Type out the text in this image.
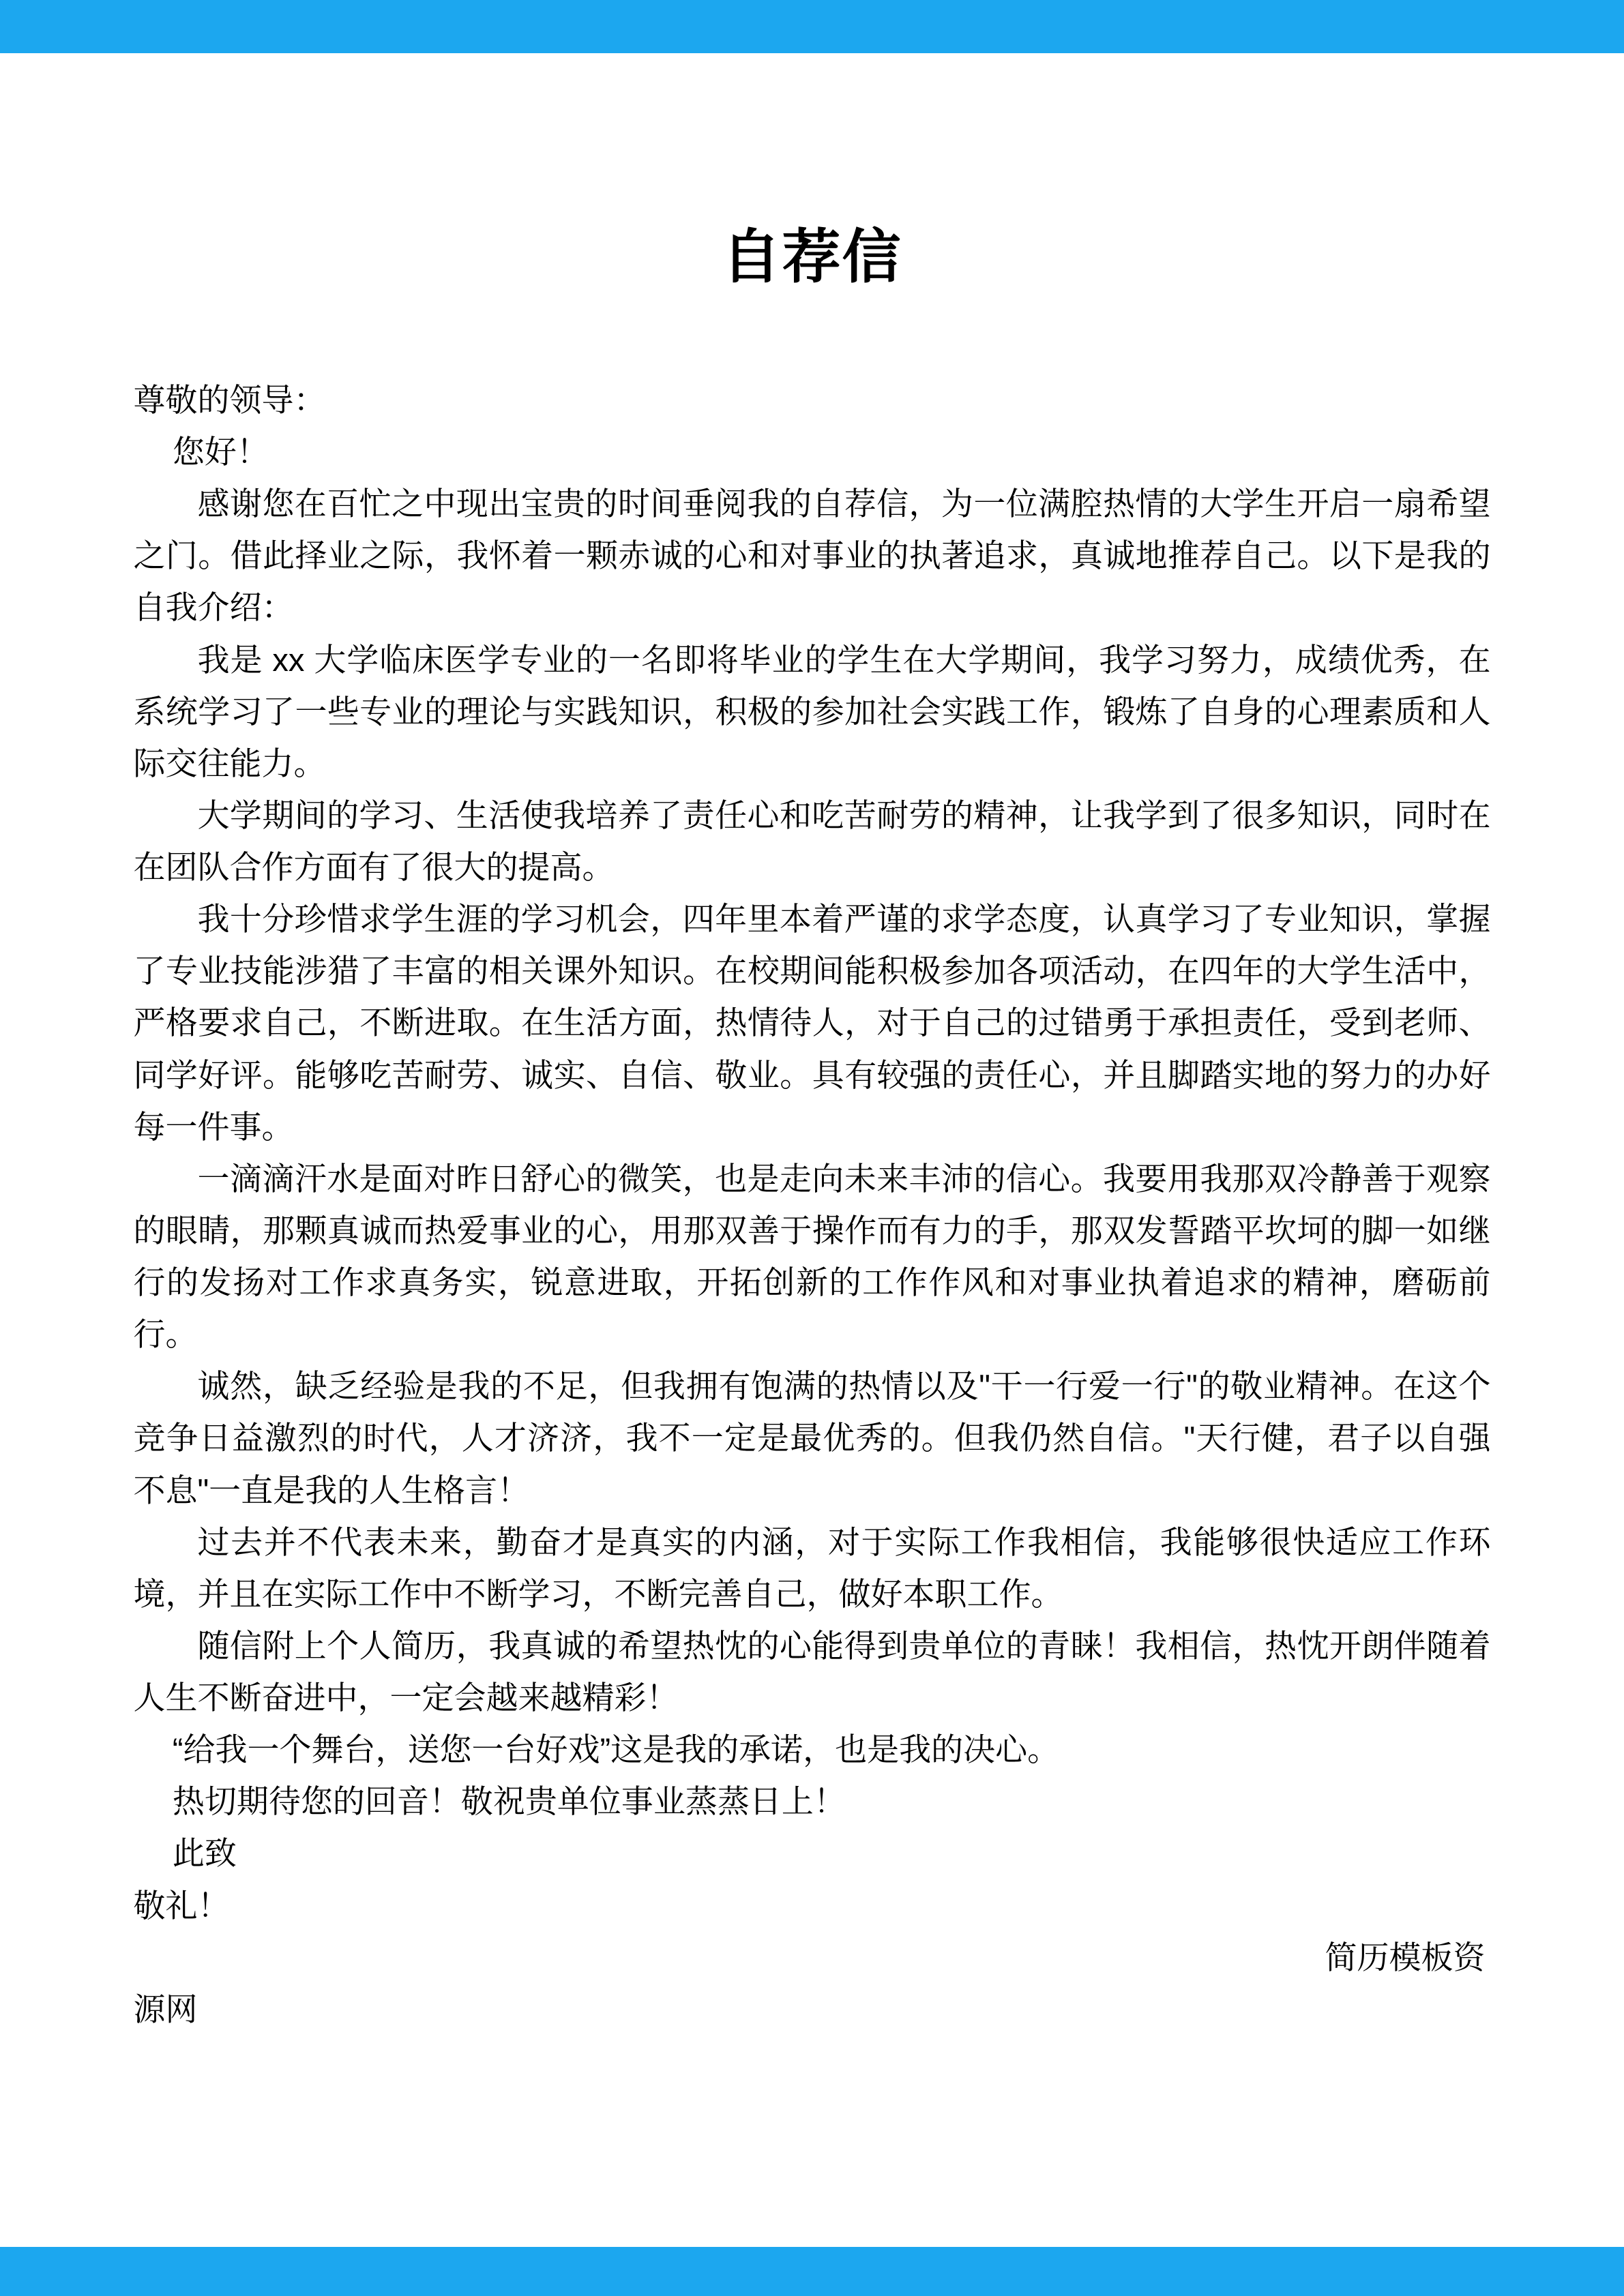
自荐信

尊敬的领导：

您好！

感谢您在百忙之中现出宝贵的时间垂阅我的自荐信，为一位满腔热情的大学生开启一扇希望之门。借此择业之际，我怀着一颗赤诚的心和对事业的执著追求，真诚地推荐自己。以下是我的自我介绍：

我是 xx 大学临床医学专业的一名即将毕业的学生在大学期间，我学习努力，成绩优秀，在系统学习了一些专业的理论与实践知识，积极的参加社会实践工作，锻炼了自身的心理素质和人际交往能力。

大学期间的学习、生活使我培养了责任心和吃苦耐劳的精神，让我学到了很多知识，同时在在团队合作方面有了很大的提高。

我十分珍惜求学生涯的学习机会，四年里本着严谨的求学态度，认真学习了专业知识，掌握了专业技能涉猎了丰富的相关课外知识。在校期间能积极参加各项活动，在四年的大学生活中，严格要求自己，不断进取。在生活方面，热情待人，对于自己的过错勇于承担责任，受到老师、同学好评。能够吃苦耐劳、诚实、自信、敬业。具有较强的责任心，并且脚踏实地的努力的办好每一件事。

一滴滴汗水是面对昨日舒心的微笑，也是走向未来丰沛的信心。我要用我那双冷静善于观察的眼睛，那颗真诚而热爱事业的心，用那双善于操作而有力的手，那双发誓踏平坎坷的脚一如继行的发扬对工作求真务实，锐意进取，开拓创新的工作作风和对事业执着追求的精神，磨砺前行。

诚然，缺乏经验是我的不足，但我拥有饱满的热情以及"干一行爱一行"的敬业精神。在这个竞争日益激烈的时代，人才济济，我不一定是最优秀的。但我仍然自信。"天行健，君子以自强不息"一直是我的人生格言！

过去并不代表未来，勤奋才是真实的内涵，对于实际工作我相信，我能够很快适应工作环境，并且在实际工作中不断学习，不断完善自己，做好本职工作。

随信附上个人简历，我真诚的希望热忱的心能得到贵单位的青睐！我相信，热忱开朗伴随着人生不断奋进中，一定会越来越精彩！

“给我一个舞台，送您一台好戏”这是我的承诺，也是我的决心。

热切期待您的回音！敬祝贵单位事业蒸蒸日上！

此致

敬礼！

简历模板资

源网
